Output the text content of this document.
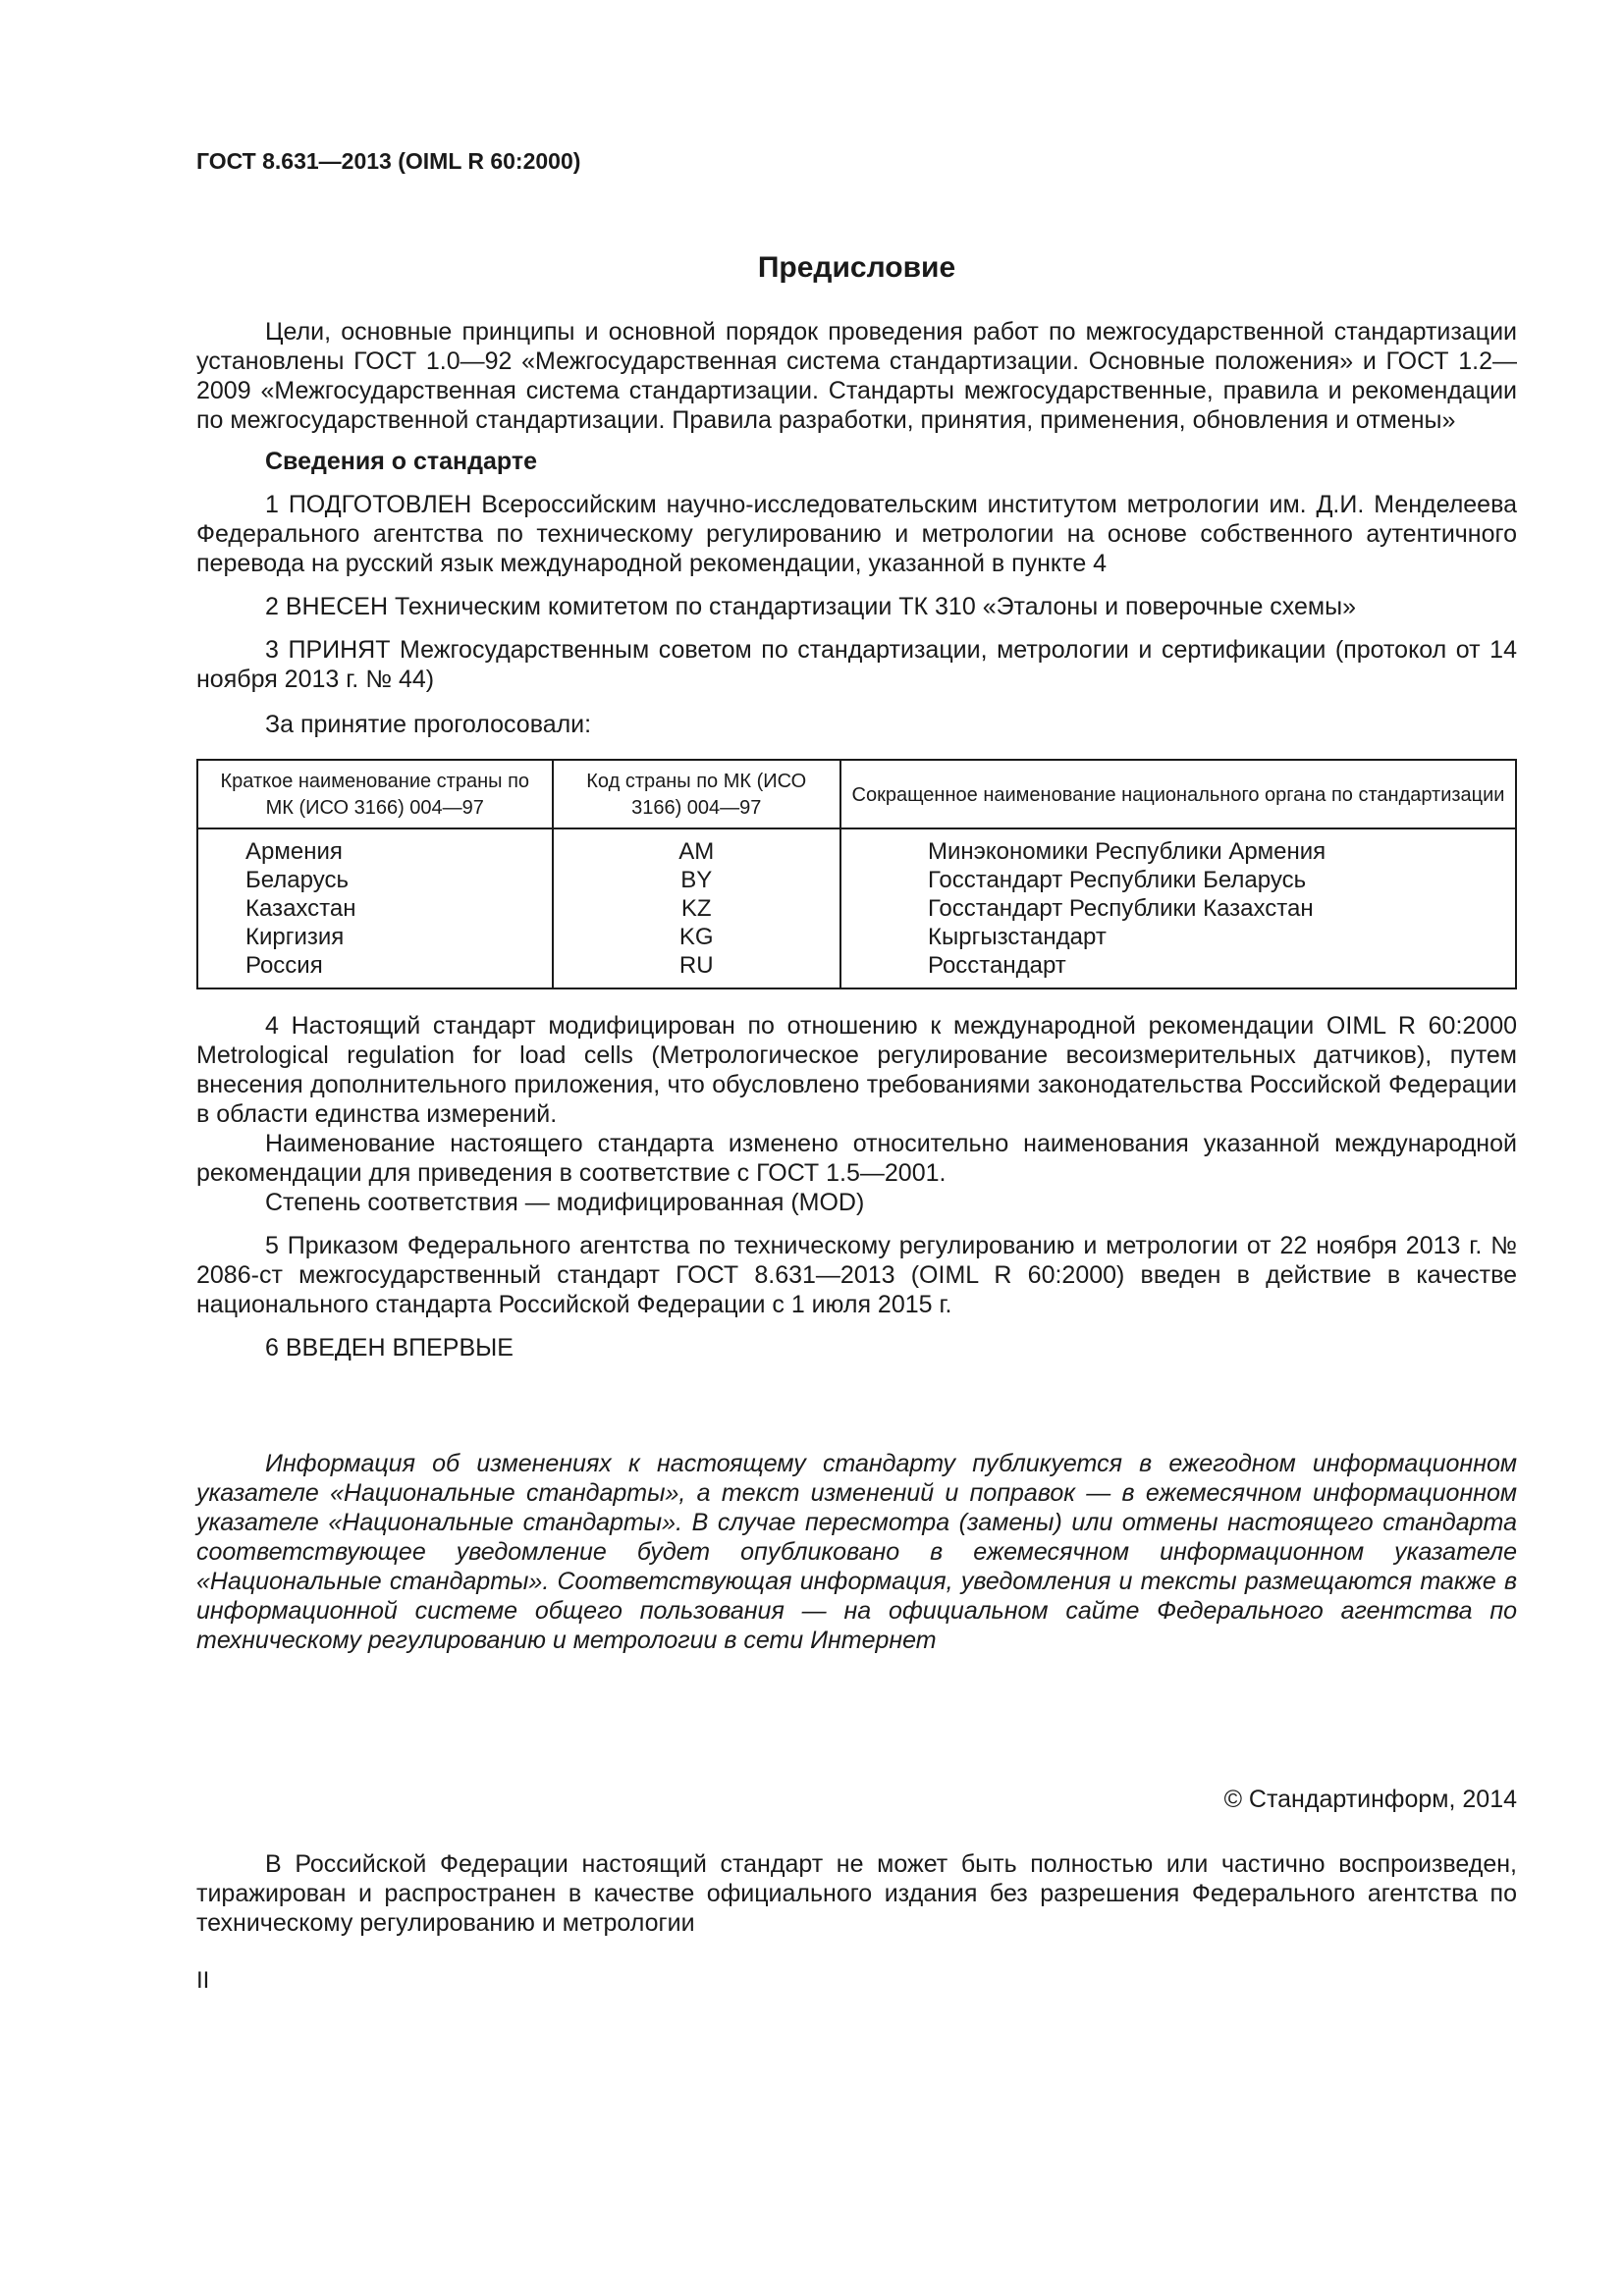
ГОСТ 8.631—2013 (OIML R 60:2000)
Предисловие

Цели, основные принципы и основной порядок проведения работ по межгосударственной стандартизации установлены ГОСТ 1.0—92 «Межгосударственная система стандартизации. Основные положения» и ГОСТ 1.2—2009 «Межгосударственная система стандартизации. Стандарты межгосударственные, правила и рекомендации по межгосударственной стандартизации. Правила разработки, принятия, применения, обновления и отмены»

Сведения о стандарте

1 ПОДГОТОВЛЕН Всероссийским научно-исследовательским институтом метрологии им. Д.И. Менделеева Федерального агентства по техническому регулированию и метрологии на основе собственного аутентичного перевода на русский язык международной рекомендации, указанной в пункте 4

2 ВНЕСЕН Техническим комитетом по стандартизации ТК 310 «Эталоны и поверочные схемы»

3 ПРИНЯТ Межгосударственным советом по стандартизации, метрологии и сертификации (протокол от 14 ноября 2013 г. № 44)

За принятие проголосовали:
Краткое наименование страны по МК (ИСО 3166) 004—97	Код страны по МК (ИСО 3166) 004—97	Сокращенное наименование национального органа по стандартизации
Армения	AM	Минэкономики Республики Армения
Беларусь	BY	Госстандарт Республики Беларусь
Казахстан	KZ	Госстандарт Республики Казахстан
Киргизия	KG	Кыргызстандарт
Россия	RU	Росстандарт

4 Настоящий стандарт модифицирован по отношению к международной рекомендации OIML R 60:2000 Metrological regulation for load cells (Метрологическое регулирование весоизмерительных датчиков), путем внесения дополнительного приложения, что обусловлено требованиями законодательства Российской Федерации в области единства измерений.

Наименование настоящего стандарта изменено относительно наименования указанной международной рекомендации для приведения в соответствие с ГОСТ 1.5—2001.

Степень соответствия — модифицированная (MOD)

5 Приказом Федерального агентства по техническому регулированию и метрологии от 22 ноября 2013 г. № 2086-ст межгосударственный стандарт ГОСТ 8.631—2013 (OIML R 60:2000) введен в действие в качестве национального стандарта Российской Федерации с 1 июля 2015 г.

6 ВВЕДЕН ВПЕРВЫЕ

Информация об изменениях к настоящему стандарту публикуется в ежегодном информационном указателе «Национальные стандарты», а текст изменений и поправок — в ежемесячном информационном указателе «Национальные стандарты». В случае пересмотра (замены) или отмены настоящего стандарта соответствующее уведомление будет опубликовано в ежемесячном информационном указателе «Национальные стандарты». Соответствующая информация, уведомления и тексты размещаются также в информационной системе общего пользования — на официальном сайте Федерального агентства по техническому регулированию и метрологии в сети Интернет

© Стандартинформ, 2014

В Российской Федерации настоящий стандарт не может быть полностью или частично воспроизведен, тиражирован и распространен в качестве официального издания без разрешения Федерального агентства по техническому регулированию и метрологии

II
